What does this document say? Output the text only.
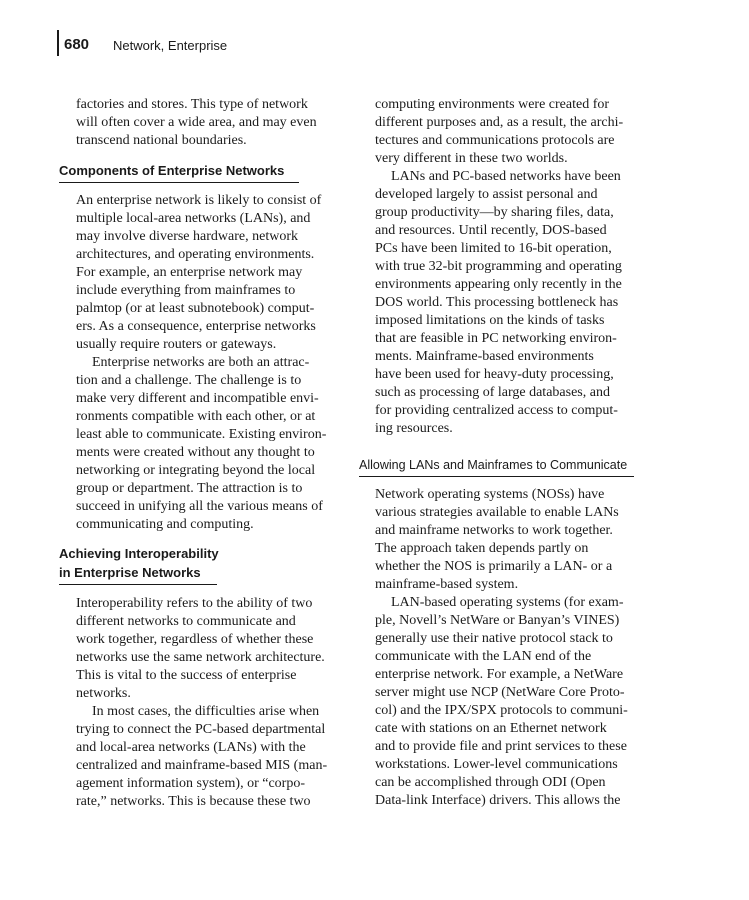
680 Network, Enterprise
factories and stores. This type of network
will often cover a wide area, and may even
transcend national boundaries.
Components of Enterprise Networks
An enterprise network is likely to consist of
multiple local-area networks (LANs), and
may involve diverse hardware, network
architectures, and operating environments.
For example, an enterprise network may
include everything from mainframes to
palmtop (or at least subnotebook) comput-
ers. As a consequence, enterprise networks
usually require routers or gateways.
Enterprise networks are both an attrac-
tion and a challenge. The challenge is to
make very different and incompatible envi-
ronments compatible with each other, or at
least able to communicate. Existing environ-
ments were created without any thought to
networking or integrating beyond the local
group or department. The attraction is to
succeed in unifying all the various means of
communicating and computing.
Achieving Interoperability
in Enterprise Networks
Interoperability refers to the ability of two
different networks to communicate and
work together, regardless of whether these
networks use the same network architecture.
This is vital to the success of enterprise
networks.
In most cases, the difficulties arise when
trying to connect the PC-based departmental
and local-area networks (LANs) with the
centralized and mainframe-based MIS (man-
agement information system), or “corpo-
rate,” networks. This is because these two
computing environments were created for
different purposes and, as a result, the archi-
tectures and communications protocols are
very different in these two worlds.
LANs and PC-based networks have been
developed largely to assist personal and
group productivity—by sharing files, data,
and resources. Until recently, DOS-based
PCs have been limited to 16-bit operation,
with true 32-bit programming and operating
environments appearing only recently in the
DOS world. This processing bottleneck has
imposed limitations on the kinds of tasks
that are feasible in PC networking environ-
ments. Mainframe-based environments
have been used for heavy-duty processing,
such as processing of large databases, and
for providing centralized access to comput-
ing resources.
Allowing LANs and Mainframes to Communicate
Network operating systems (NOSs) have
various strategies available to enable LANs
and mainframe networks to work together.
The approach taken depends partly on
whether the NOS is primarily a LAN- or a
mainframe-based system.
LAN-based operating systems (for exam-
ple, Novell’s NetWare or Banyan’s VINES)
generally use their native protocol stack to
communicate with the LAN end of the
enterprise network. For example, a NetWare
server might use NCP (NetWare Core Proto-
col) and the IPX/SPX protocols to communi-
cate with stations on an Ethernet network
and to provide file and print services to these
workstations. Lower-level communications
can be accomplished through ODI (Open
Data-link Interface) drivers. This allows the
